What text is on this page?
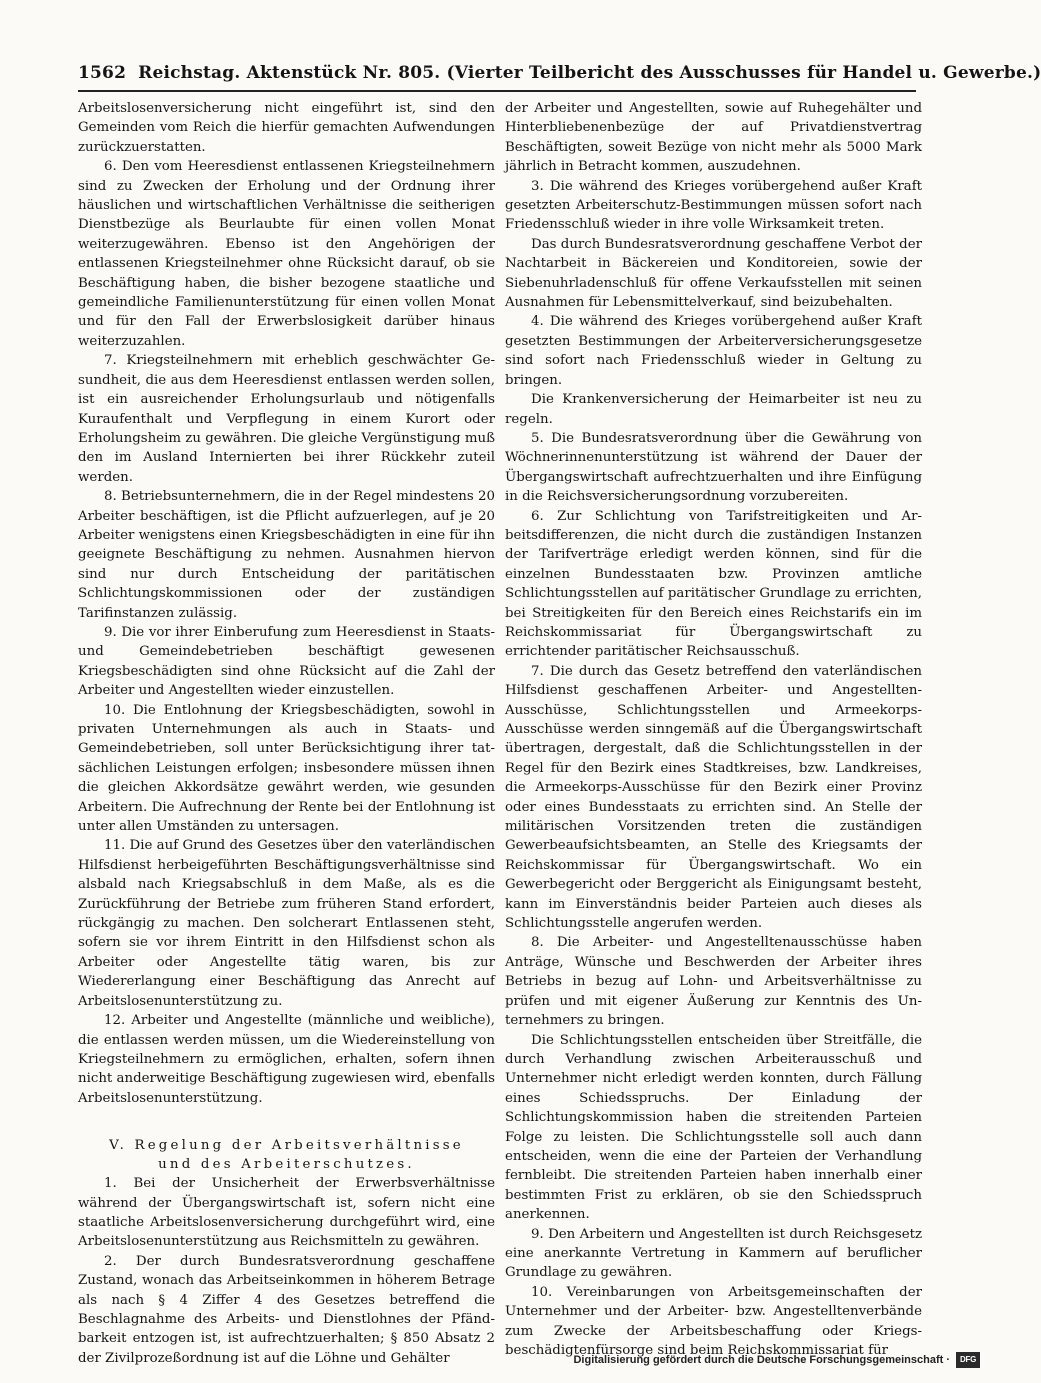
1562 Reichstag. Aktenstück Nr. 805. (Vierter Teilbericht des Ausschusses für Handel u. Gewerbe.)

Arbeitslosenversicherung nicht eingeführt ist, sind den Gemeinden vom Reich die hierfür gemachten Aufwendungen zurückzuerstatten.

6. Den vom Heeresdienst entlassenen Kriegsteilnehmern sind zu Zwecken der Erholung und der Ordnung ihrer häuslichen und wirtschaftlichen Verhältnisse die seitherigen Dienstbezüge als Beurlaubte für einen vollen Monat weiterzugewähren. Ebenso ist den Angehörigen der entlassenen Kriegsteilnehmer ohne Rücksicht darauf, ob sie Beschäftigung haben, die bisher bezogene staatliche und gemeindliche Familienunterstützung für einen vollen Monat und für den Fall der Erwerbslosigkeit darüber hinaus weiterzuzahlen.

7. Kriegsteilnehmern mit erheblich geschwächter Gesundheit, die aus dem Heeresdienst entlassen werden sollen, ist ein ausreichender Erholungsurlaub und nötigenfalls Kuraufenthalt und Verpflegung in einem Kurort oder Erholungsheim zu gewähren. Die gleiche Vergünstigung muß den im Ausland Internierten bei ihrer Rückkehr zuteil werden.

8. Betriebsunternehmern, die in der Regel mindestens 20 Arbeiter beschäftigen, ist die Pflicht aufzuerlegen, auf je 20 Arbeiter wenigstens einen Kriegsbeschädigten in eine für ihn geeignete Beschäftigung zu nehmen. Ausnahmen hiervon sind nur durch Entscheidung der paritätischen Schlichtungskommissionen oder der zuständigen Tarifinstanzen zulässig.

9. Die vor ihrer Einberufung zum Heeresdienst in Staats- und Gemeindebetrieben beschäftigt gewesenen Kriegsbeschädigten sind ohne Rücksicht auf die Zahl der Arbeiter und Angestellten wieder einzustellen.

10. Die Entlohnung der Kriegsbeschädigten, sowohl in privaten Unternehmungen als auch in Staats- und Gemeindebetrieben, soll unter Berücksichtigung ihrer tatsächlichen Leistungen erfolgen; insbesondere müssen ihnen die gleichen Akkordsätze gewährt werden, wie gesunden Arbeitern. Die Aufrechnung der Rente bei der Entlohnung ist unter allen Umständen zu untersagen.

11. Die auf Grund des Gesetzes über den vaterländischen Hilfsdienst herbeigeführten Beschäftigungsverhältnisse sind alsbald nach Kriegsabschluß in dem Maße, als es die Zurückführung der Betriebe zum früheren Stand erfordert, rückgängig zu machen. Den solcherart Entlassenen steht, sofern sie vor ihrem Eintritt in den Hilfsdienst schon als Arbeiter oder Angestellte tätig waren, bis zur Wiedererlangung einer Beschäftigung das Anrecht auf Arbeitslosenunterstützung zu.

12. Arbeiter und Angestellte (männliche und weibliche), die entlassen werden müssen, um die Wiedereinstellung von Kriegsteilnehmern zu ermöglichen, erhalten, sofern ihnen nicht anderweitige Beschäftigung zugewiesen wird, ebenfalls Arbeitslosenunterstützung.

V. Regelung der Arbeitsverhältnisse
und des Arbeiterschutzes.

1. Bei der Unsicherheit der Erwerbsverhältnisse während der Übergangswirtschaft ist, sofern nicht eine staatliche Arbeitslosenversicherung durchgeführt wird, eine Arbeitslosenunterstützung aus Reichsmitteln zu gewähren.

2. Der durch Bundesratsverordnung geschaffene Zustand, wonach das Arbeitseinkommen in höherem Betrage als nach § 4 Ziffer 4 des Gesetzes betreffend die Beschlagnahme des Arbeits- und Dienstlohnes der Pfändbarkeit entzogen ist, ist aufrechtzuerhalten; § 850 Absatz 2 der Zivilprozeßordnung ist auf die Löhne und Gehälter

der Arbeiter und Angestellten, sowie auf Ruhegehälter und Hinterbliebenenbezüge der auf Privatdienstvertrag Beschäftigten, soweit Bezüge von nicht mehr als 5000 Mark jährlich in Betracht kommen, auszudehnen.

3. Die während des Krieges vorübergehend außer Kraft gesetzten Arbeiterschutz-Bestimmungen müssen sofort nach Friedensschluß wieder in ihre volle Wirksamkeit treten.

Das durch Bundesratsverordnung geschaffene Verbot der Nachtarbeit in Bäckereien und Konditoreien, sowie der Siebenuhrladenschluß für offene Verkaufsstellen mit seinen Ausnahmen für Lebensmittelverkauf, sind beizubehalten.

4. Die während des Krieges vorübergehend außer Kraft gesetzten Bestimmungen der Arbeiterversicherungsgesetze sind sofort nach Friedensschluß wieder in Geltung zu bringen.

Die Krankenversicherung der Heimarbeiter ist neu zu regeln.

5. Die Bundesratsverordnung über die Gewährung von Wöchnerinnenunterstützung ist während der Dauer der Übergangswirtschaft aufrechtzuerhalten und ihre Einfügung in die Reichsversicherungsordnung vorzubereiten.

6. Zur Schlichtung von Tarifstreitigkeiten und Arbeitsdifferenzen, die nicht durch die zuständigen Instanzen der Tarifverträge erledigt werden können, sind für die einzelnen Bundesstaaten bzw. Provinzen amtliche Schlichtungsstellen auf paritätischer Grundlage zu errichten, bei Streitigkeiten für den Bereich eines Reichstarifs ein im Reichskommissariat für Übergangswirtschaft zu errichtender paritätischer Reichsausschuß.

7. Die durch das Gesetz betreffend den vaterländischen Hilfsdienst geschaffenen Arbeiter- und Angestellten-Ausschüsse, Schlichtungsstellen und Armeekorps-Ausschüsse werden sinngemäß auf die Übergangswirtschaft übertragen, dergestalt, daß die Schlichtungsstellen in der Regel für den Bezirk eines Stadtkreises, bzw. Landkreises, die Armeekorps-Ausschüsse für den Bezirk einer Provinz oder eines Bundesstaats zu errichten sind. An Stelle der militärischen Vorsitzenden treten die zuständigen Gewerbeaufsichtsbeamten, an Stelle des Kriegsamts der Reichskommissar für Übergangswirtschaft. Wo ein Gewerbegericht oder Berggericht als Einigungsamt besteht, kann im Einverständnis beider Parteien auch dieses als Schlichtungsstelle angerufen werden.

8. Die Arbeiter- und Angestelltenausschüsse haben Anträge, Wünsche und Beschwerden der Arbeiter ihres Betriebs in bezug auf Lohn- und Arbeitsverhältnisse zu prüfen und mit eigener Äußerung zur Kenntnis des Unternehmers zu bringen.

Die Schlichtungsstellen entscheiden über Streitfälle, die durch Verhandlung zwischen Arbeiterausschuß und Unternehmer nicht erledigt werden konnten, durch Fällung eines Schiedsspruchs. Der Einladung der Schlichtungskommission haben die streitenden Parteien Folge zu leisten. Die Schlichtungsstelle soll auch dann entscheiden, wenn die eine der Parteien der Verhandlung fernbleibt. Die streitenden Parteien haben innerhalb einer bestimmten Frist zu erklären, ob sie den Schiedsspruch anerkennen.

9. Den Arbeitern und Angestellten ist durch Reichsgesetz eine anerkannte Vertretung in Kammern auf beruflicher Grundlage zu gewähren.

10. Vereinbarungen von Arbeitsgemeinschaften der Unternehmer und der Arbeiter- bzw. Angestelltenverbände zum Zwecke der Arbeitsbeschaffung oder Kriegsbeschädigtenfürsorge sind beim Reichskommissariat für

Digitalisierung gefördert durch die Deutsche Forschungsgemeinschaft ·	DFG
